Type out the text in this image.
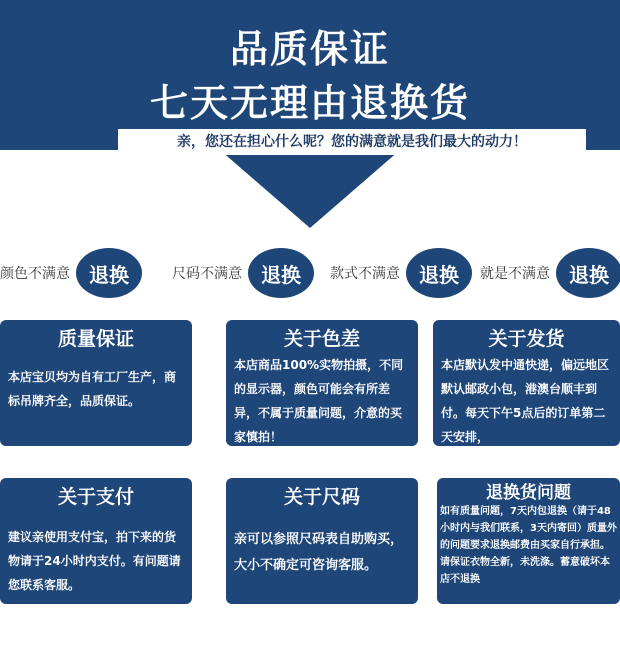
品质保证
七天无理由退换货
亲，您还在担心什么呢？您的满意就是我们最大的动力！
颜色不满意 退换	尺码不满意 退换	款式不满意 退换	就是不满意 退换
质量保证
本店宝贝均为自有工厂生产，商标吊牌齐全，品质保证。
关于色差
本店商品100%实物拍摄，不同的显示器，颜色可能会有所差异，不属于质量问题，介意的买家慎拍！
关于发货
本店默认发中通快递，偏远地区默认邮政小包，港澳台顺丰到付。每天下午5点后的订单第二天安排，
关于支付
建议亲使用支付宝，拍下来的货物请于24小时内支付。有问题请您联系客服。
关于尺码
亲可以参照尺码表自助购买，大小不确定可咨询客服。
退换货问题
如有质量问题，7天内包退换（请于48小时内与我们联系，3天内寄回）质量外的问题要求退换邮费由买家自行承担。请保证衣物全新，未洗涤。蓄意破坏本店不退换
